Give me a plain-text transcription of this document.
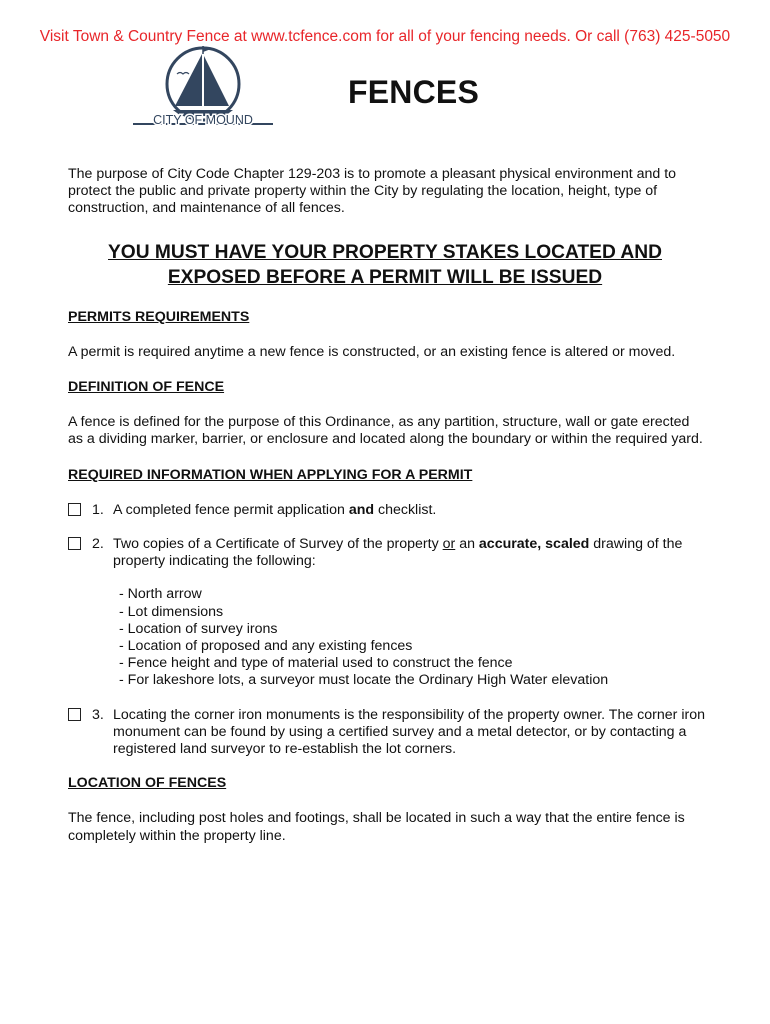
Visit Town & Country Fence at www.tcfence.com for all of your fencing needs. Or call (763) 425-5050
CITY OF MOUND
FENCES

The purpose of City Code Chapter 129-203 is to promote a pleasant physical environment and to protect the public and private property within the City by regulating the location, height, type of construction, and maintenance of all fences.

YOU MUST HAVE YOUR PROPERTY STAKES LOCATED AND
EXPOSED BEFORE A PERMIT WILL BE ISSUED

PERMITS REQUIREMENTS

A permit is required anytime a new fence is constructed, or an existing fence is altered or moved.

DEFINITION OF FENCE

A fence is defined for the purpose of this Ordinance, as any partition, structure, wall or gate erected as a dividing marker, barrier, or enclosure and located along the boundary or within the required yard.

REQUIRED INFORMATION WHEN APPLYING FOR A PERMIT

1. A completed fence permit application and checklist.
2. Two copies of a Certificate of Survey of the property or an accurate, scaled drawing of the property indicating the following:
- North arrow
- Lot dimensions
- Location of survey irons
- Location of proposed and any existing fences
- Fence height and type of material used to construct the fence
- For lakeshore lots, a surveyor must locate the Ordinary High Water elevation
3. Locating the corner iron monuments is the responsibility of the property owner. The corner iron monument can be found by using a certified survey and a metal detector, or by contacting a registered land surveyor to re-establish the lot corners.

LOCATION OF FENCES

The fence, including post holes and footings, shall be located in such a way that the entire fence is completely within the property line.
